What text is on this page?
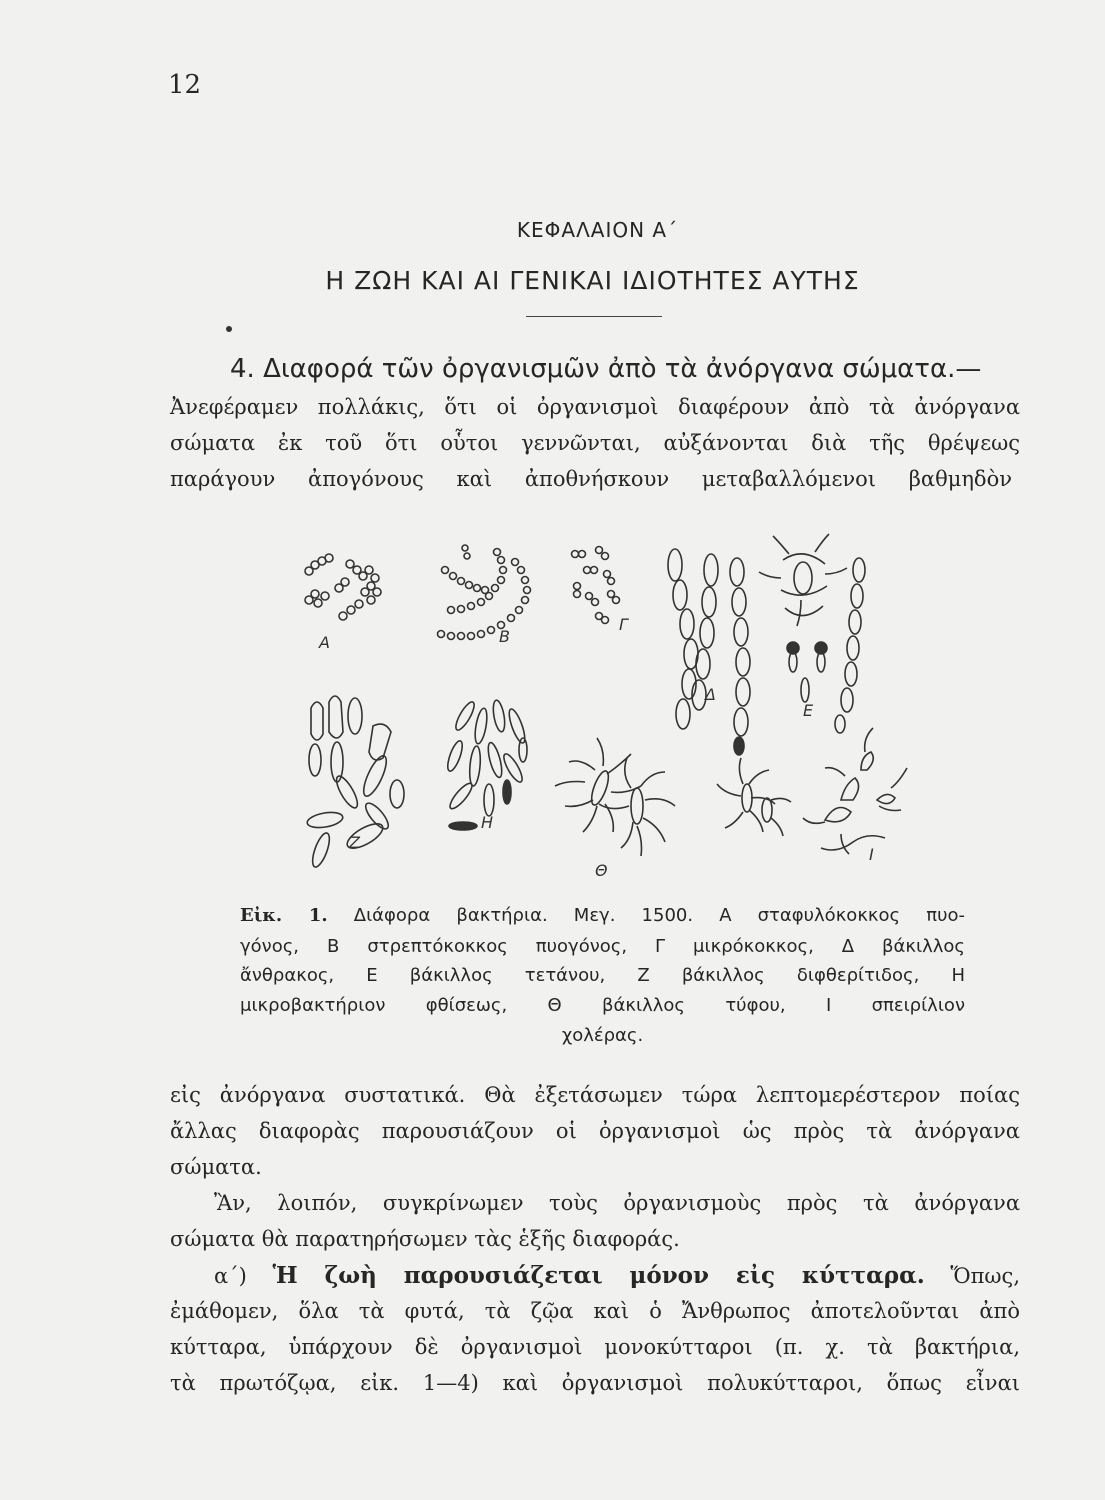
12
ΚΕΦΑΛΑΙΟΝ Α΄
Η ΖΩΗ ΚΑΙ ΑΙ ΓΕΝΙΚΑΙ ΙΔΙΟΤΗΤΕΣ ΑΥΤΗΣ
4. Διαφορά τῶν ὀργανισμῶν ἀπὸ τὰ ἀνόργανα σώματα.—
Ἀνεφέραμεν πολλάκις, ὅτι οἱ ὀργανισμοὶ διαφέρουν ἀπὸ τὰ ἀνόργανα
σώματα ἐκ τοῦ ὅτι οὗτοι γεννῶνται, αὐξάνονται διὰ τῆς θρέψεως
παράγουν ἀπογόνους καὶ ἀποθνήσκουν μεταβαλλόμενοι βαθμηδὸν
Α	Β
Γ
Δ
Ε
Ζ
Η
Θ
Ι
Εἰκ. 1. Διάφορα βακτήρια. Μεγ. 1500. Α σταφυλόκοκκος πυο-
γόνος, Β στρεπτόκοκκος πυογόνος, Γ μικρόκοκκος, Δ βάκιλλος
ἄνθρακος, Ε βάκιλλος τετάνου, Ζ βάκιλλος διφθερίτιδος, Η
μικροβακτήριον φθίσεως, Θ βάκιλλος τύφου, Ι σπειρίλιον
χολέρας.
εἰς ἀνόργανα συστατικά. Θὰ ἐξετάσωμεν τώρα λεπτομερέστερον ποίας
ἄλλας διαφορὰς παρουσιάζουν οἱ ὀργανισμοὶ ὡς πρὸς τὰ ἀνόργανα
σώματα.
Ἂν, λοιπόν, συγκρίνωμεν τοὺς ὀργανισμοὺς πρὸς τὰ ἀνόργανα
σώματα θὰ παρατηρήσωμεν τὰς ἑξῆς διαφοράς.
α΄) Ἡ ζωὴ παρουσιάζεται μόνον εἰς κύτταρα. Ὅπως,
ἐμάθομεν, ὅλα τὰ φυτά, τὰ ζῷα καὶ ὁ Ἄνθρωπος ἀποτελοῦνται ἀπὸ
κύτταρα, ὑπάρχουν δὲ ὀργανισμοὶ μονοκύτταροι (π. χ. τὰ βακτήρια,
τὰ πρωτόζῳα, εἰκ. 1—4) καὶ ὀργανισμοὶ πολυκύτταροι, ὅπως εἶναι
